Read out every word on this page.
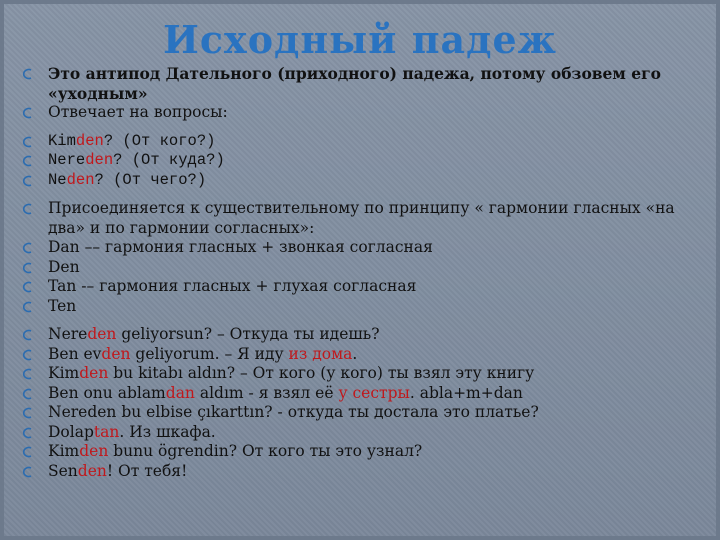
Исходный падеж
Это антипод Дательного (приходного) падежа, потому обзовем его «уходным»
Отвечает на вопросы:
Kimden? (От кого?)
Nereden? (От куда?)
Neden? (От чего?)
Присоединяется к существительному по принципу « гармонии гласных «на два» и по гармонии согласных»:
Dan –– гармония гласных + звонкая согласная
Den
Tan -– гармония гласных + глухая согласная
Ten
Nereden geliyorsun? – Откуда ты идешь?
Ben evden geliyorum. – Я иду из дома.
Kimden bu kitabı aldın? – От кого (у кого) ты взял эту книгу
Ben onu ablamdan aldım - я взял её у сестры. abla+m+dan
Nereden bu elbise çıkarttın? - откуда ты достала это платье?
Dolaptan. Из шкафа.
Kimden bunu ögrendin? От кого ты это узнал?
Senden! От тебя!
